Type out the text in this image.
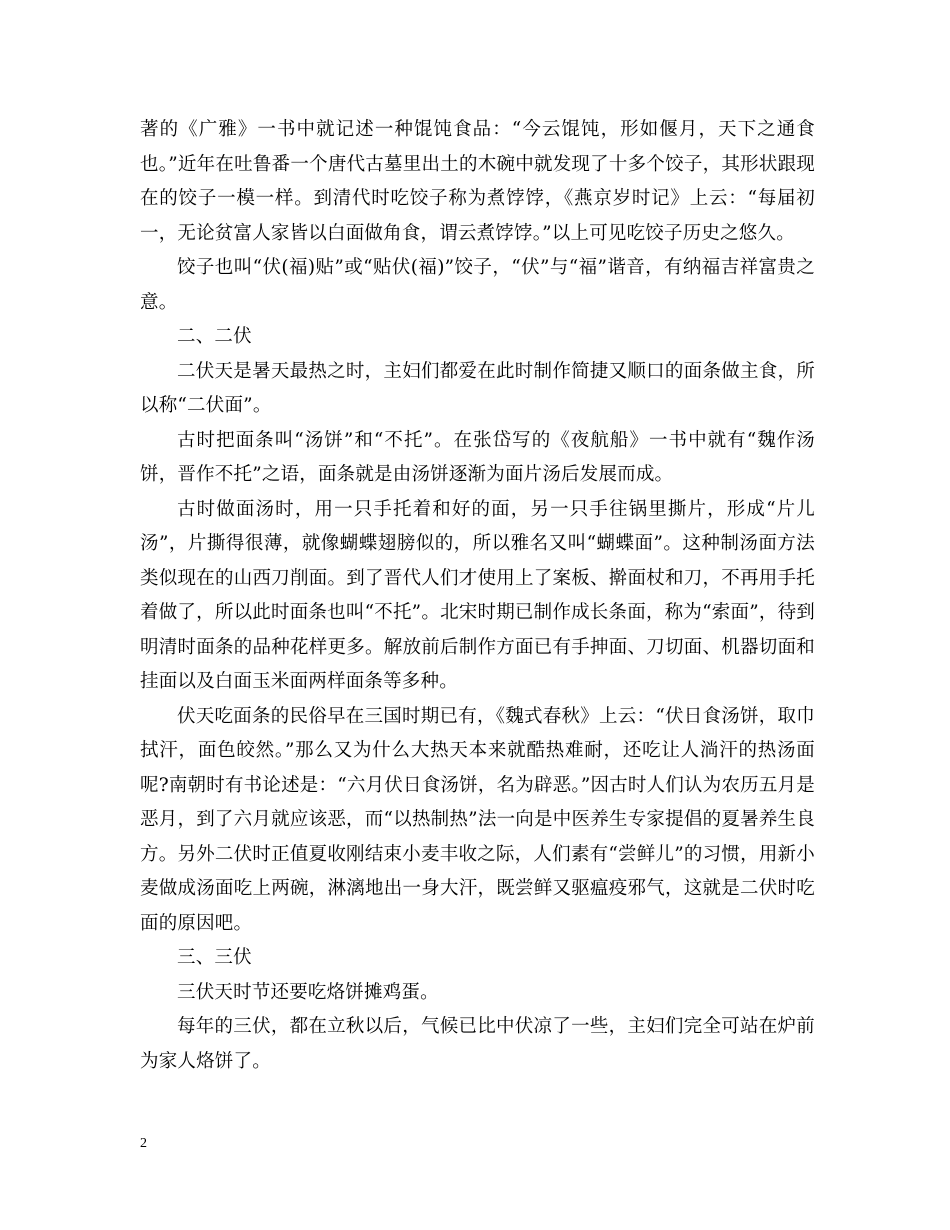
著的《广雅》一书中就记述一种馄饨食品：“今云馄饨，形如偃月，天下之通食也。”近年在吐鲁番一个唐代古墓里出土的木碗中就发现了十多个饺子，其形状跟现在的饺子一模一样。到清代时吃饺子称为煮饽饽，《燕京岁时记》上云：“每届初一，无论贫富人家皆以白面做角食，谓云煮饽饽。”以上可见吃饺子历史之悠久。

饺子也叫“伏(福)贴”或“贴伏(福)”饺子，“伏”与“福”谐音，有纳福吉祥富贵之意。

二、二伏

二伏天是暑天最热之时，主妇们都爱在此时制作简捷又顺口的面条做主食，所以称“二伏面”。

古时把面条叫“汤饼”和“不托”。在张岱写的《夜航船》一书中就有“魏作汤饼，晋作不托”之语，面条就是由汤饼逐渐为面片汤后发展而成。

古时做面汤时，用一只手托着和好的面，另一只手往锅里撕片，形成“片儿汤”，片撕得很薄，就像蝴蝶翅膀似的，所以雅名又叫“蝴蝶面”。这种制汤面方法类似现在的山西刀削面。到了晋代人们才使用上了案板、擀面杖和刀，不再用手托着做了，所以此时面条也叫“不托”。北宋时期已制作成长条面，称为“索面”，待到明清时面条的品种花样更多。解放前后制作方面已有手抻面、刀切面、机器切面和挂面以及白面玉米面两样面条等多种。

伏天吃面条的民俗早在三国时期已有，《魏式春秋》上云：“伏日食汤饼，取巾拭汗，面色皎然。”那么又为什么大热天本来就酷热难耐，还吃让人淌汗的热汤面呢?南朝时有书论述是：“六月伏日食汤饼，名为辟恶。”因古时人们认为农历五月是恶月，到了六月就应该恶，而“以热制热”法一向是中医养生专家提倡的夏暑养生良方。另外二伏时正值夏收刚结束小麦丰收之际，人们素有“尝鲜儿”的习惯，用新小麦做成汤面吃上两碗，淋漓地出一身大汗，既尝鲜又驱瘟疫邪气，这就是二伏时吃面的原因吧。

三、三伏

三伏天时节还要吃烙饼摊鸡蛋。

每年的三伏，都在立秋以后，气候已比中伏凉了一些，主妇们完全可站在炉前为家人烙饼了。

2
